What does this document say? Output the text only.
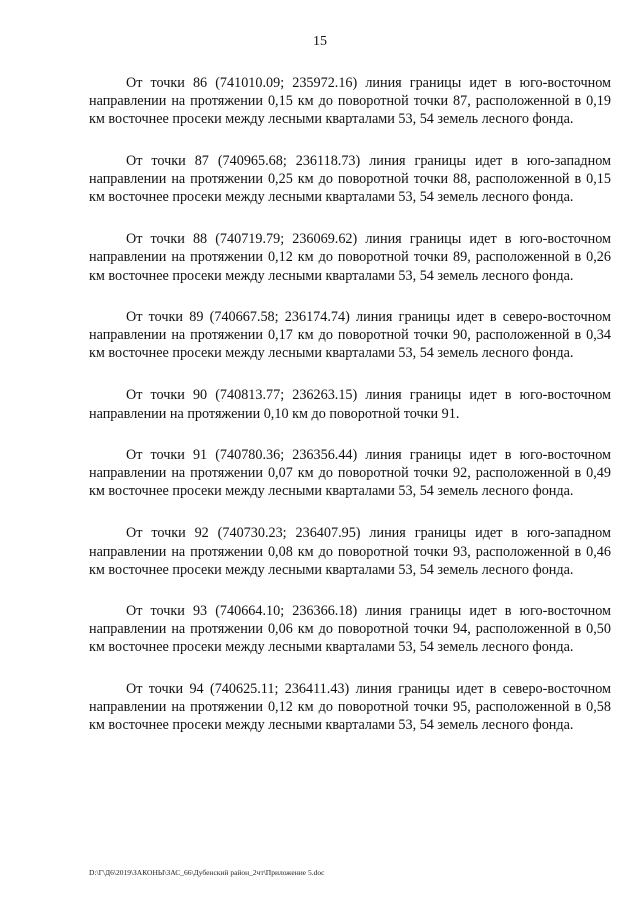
15

От точки 86 (741010.09; 235972.16) линия границы идет в юго-восточном направлении на протяжении 0,15 км до поворотной точки 87, расположенной в 0,19 км восточнее просеки между лесными кварталами 53, 54 земель лесного фонда.

От точки 87 (740965.68; 236118.73) линия границы идет в юго-западном направлении на протяжении 0,25 км до поворотной точки 88, расположенной в 0,15 км восточнее просеки между лесными кварталами 53, 54 земель лесного фонда.

От точки 88 (740719.79; 236069.62) линия границы идет в юго-восточном направлении на протяжении 0,12 км до поворотной точки 89, расположенной в 0,26 км восточнее просеки между лесными кварталами 53, 54 земель лесного фонда.

От точки 89 (740667.58; 236174.74) линия границы идет в северо-восточном направлении на протяжении 0,17 км до поворотной точки 90, расположенной в 0,34 км восточнее просеки между лесными кварталами 53, 54 земель лесного фонда.

От точки 90 (740813.77; 236263.15) линия границы идет в юго-восточном направлении на протяжении 0,10 км до поворотной точки 91.

От точки 91 (740780.36; 236356.44) линия границы идет в юго-восточном направлении на протяжении 0,07 км до поворотной точки 92, расположенной в 0,49 км восточнее просеки между лесными кварталами 53, 54 земель лесного фонда.

От точки 92 (740730.23; 236407.95) линия границы идет в юго-западном направлении на протяжении 0,08 км до поворотной точки 93, расположенной в 0,46 км восточнее просеки между лесными кварталами 53, 54 земель лесного фонда.

От точки 93 (740664.10; 236366.18) линия границы идет в юго-восточном направлении на протяжении 0,06 км до поворотной точки 94, расположенной в 0,50 км восточнее просеки между лесными кварталами 53, 54 земель лесного фонда.

От точки 94 (740625.11; 236411.43) линия границы идет в северо-восточном направлении на протяжении 0,12 км до поворотной точки 95, расположенной в 0,58 км восточнее просеки между лесными кварталами 53, 54 земель лесного фонда.

D:\Г\Д6\2019\ЗАКОНЫ\ЗАС_66\Дубенский район_2чт\Приложение 5.doc
